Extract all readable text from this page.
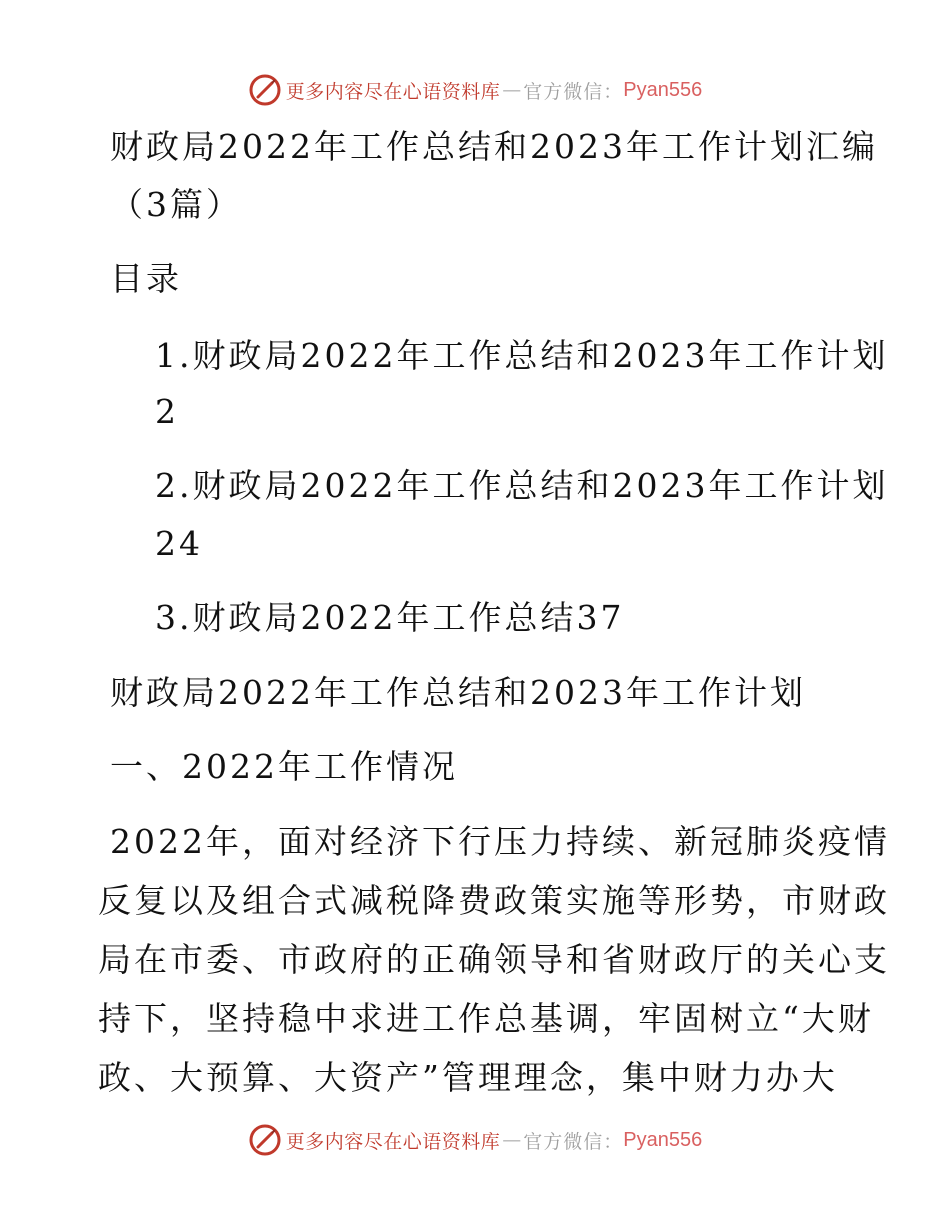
更多内容尽在心语资料库 — 官方微信： Pyan556
财政局2022年工作总结和2023年工作计划汇编
（3篇）
目录
1.财政局2022年工作总结和2023年工作计划
2
2.财政局2022年工作总结和2023年工作计划
24
3.财政局2022年工作总结37
财政局2022年工作总结和2023年工作计划
一、2022年工作情况
2022年，面对经济下行压力持续、新冠肺炎疫情
反复以及组合式减税降费政策实施等形势，市财政
局在市委、市政府的正确领导和省财政厅的关心支
持下，坚持稳中求进工作总基调，牢固树立“大财
政、大预算、大资产”管理理念，集中财力办大
更多内容尽在心语资料库 — 官方微信： Pyan556
